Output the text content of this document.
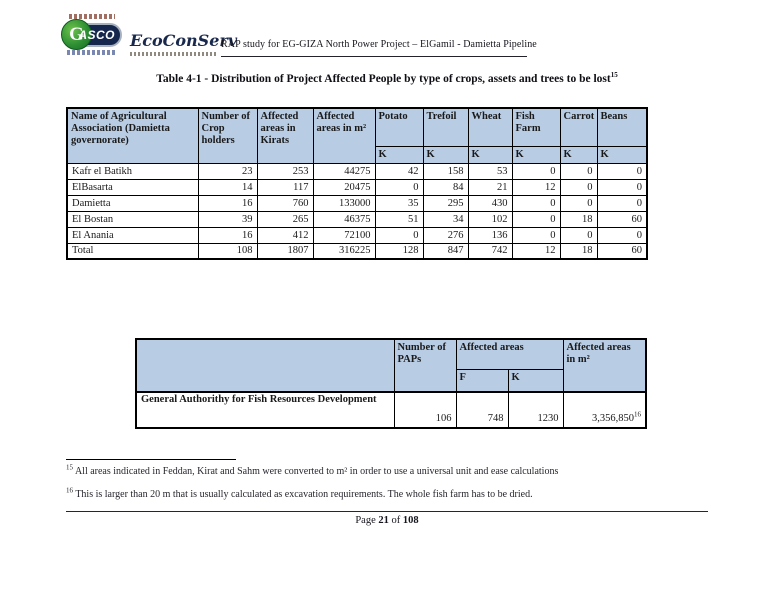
G
ASCO EcoConServ
RAP study for EG-GIZA North Power Project – ElGamil - Damietta Pipeline
Table 4-1 - Distribution of Project Affected People by type of crops, assets and trees to be lost$^{15}$
Name of Agricultural Association (Damietta governorate)	Number of Crop holders	Affected areas in Kirats	Affected areas in m²	Potato	Trefoil	Wheat	Fish Farm	Carrot	Beans
				K	K	K	K	K	K
Kafr el Batikh	23	253	44275	42	158	53	0	0	0
ElBasarta	14	117	20475	0	84	21	12	0	0
Damietta	16	760	133000	35	295	430	0	0	0
El Bostan	39	265	46375	51	34	102	0	18	60
El Anania	16	412	72100	0	276	136	0	0	0
Total	108	1807	316225	128	847	742	12	18	60
	Number of PAPs	Affected areas		Affected areas in m²
		F	K	
General Authorithy for Fish Resources Development	106	748	1230	3,356,850$^{16}$
$^{15}$ All areas indicated in Feddan, Kirat and Sahm were converted to m² in order to use a universal unit and ease calculations
$^{16}$ This is larger than 20 m that is usually calculated as excavation requirements. The whole fish farm has to be dried.
Page 21 of 108
